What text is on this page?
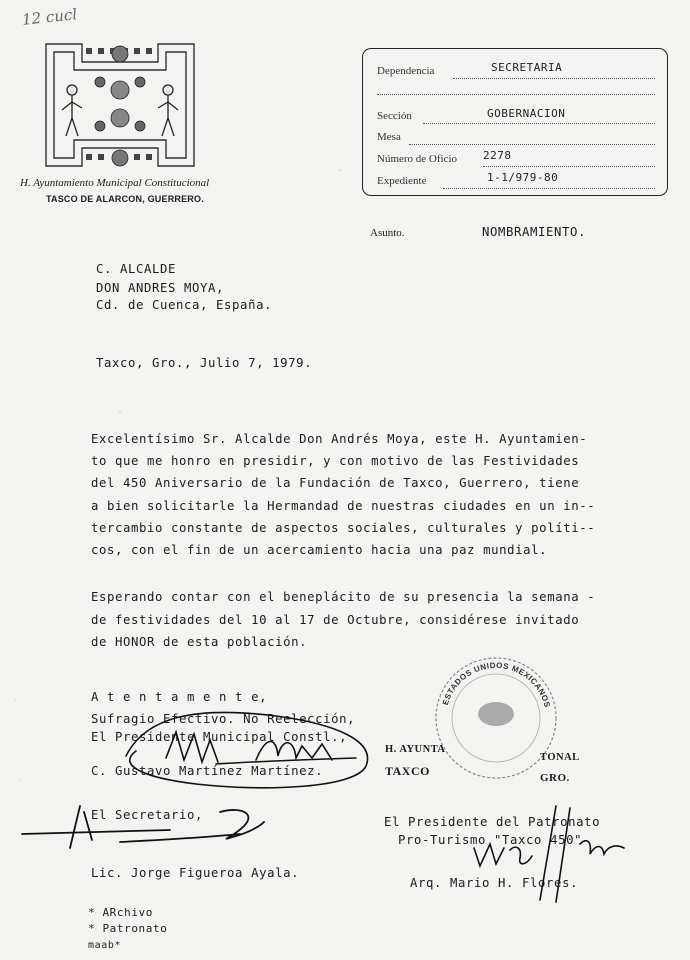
12 cucl
H. Ayuntamiento Municipal Constitucional
TASCO DE ALARCON, GUERRERO.
Dependencia	SECRETARIA
Sección	GOBERNACION
Mesa
Número de Oficio 2278
Expediente	1-1/979-80
Asunto.	NOMBRAMIENTO.
C. ALCALDE
DON ANDRES MOYA,
Cd. de Cuenca, España.
Taxco, Gro., Julio 7, 1979.
Excelentísimo Sr. Alcalde Don Andrés Moya, este H. Ayuntamien-
to que me honro en presidir, y con motivo de las Festividades
del 450 Aniversario de la Fundación de Taxco, Guerrero, tiene
a bien solicitarle la Hermandad de nuestras ciudades en un in--
tercambio constante de aspectos sociales, culturales y políti--
cos, con el fin de un acercamiento hacia una paz mundial.
Esperando contar con el beneplácito de su presencia la semana -
de festividades del 10 al 17 de Octubre, considérese invitado
de HONOR de esta población.
ESTADOS UNIDOS MEXICANOS
A t e n t a m e n t e,
Sufragio Efectivo. No Reelección,
El Presidente Municipal Constl.,
C. Gustavo Martínez Martínez.
H. AYUNTA
TONAL
TAXCO	GRO.
El Secretario,
Lic. Jorge Figueroa Ayala.
El Presidente del Patronato
Pro-Turismo "Taxco 450"
Arq. Mario H. Flores.
* ARchivo
* Patronato
maab*
